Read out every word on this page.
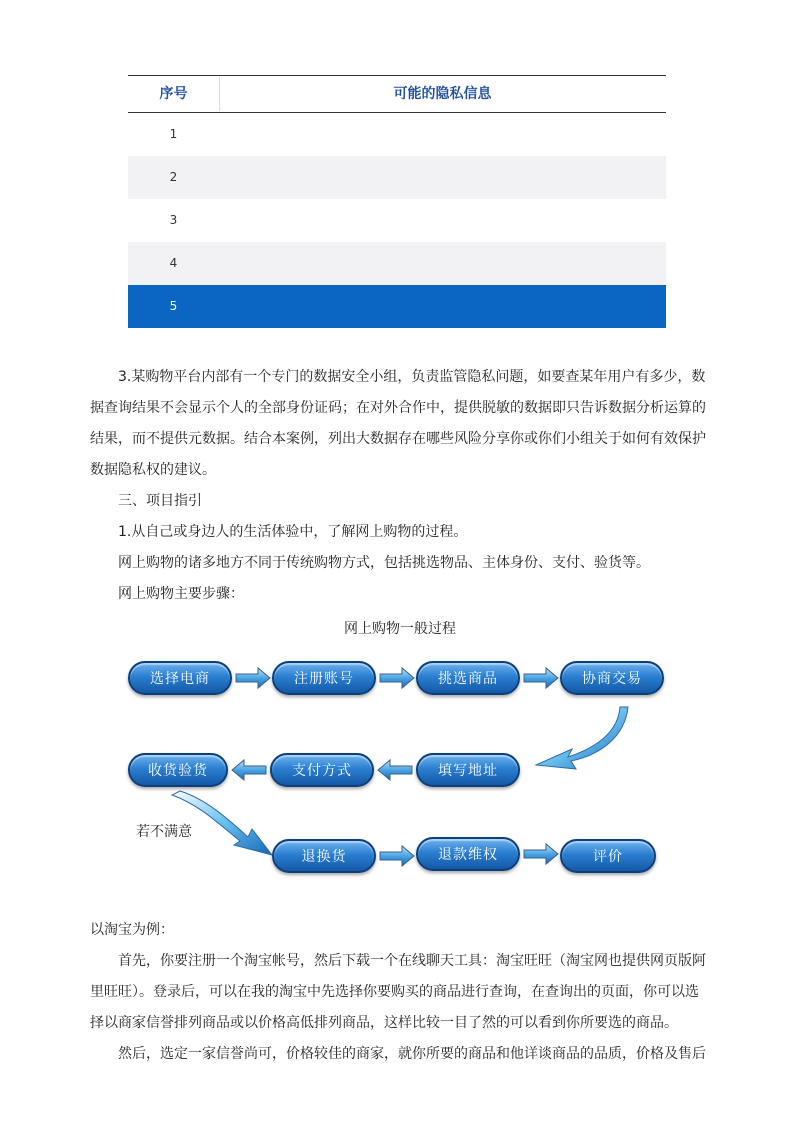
序号	可能的隐私信息
1
2
3
4
5
3.某购物平台内部有一个专门的数据安全小组，负责监管隐私问题，如要查某年用户有多少，数
据查询结果不会显示个人的全部身份证码；在对外合作中，提供脱敏的数据即只告诉数据分析运算的
结果，而不提供元数据。结合本案例，列出大数据存在哪些风险分享你或你们小组关于如何有效保护
数据隐私权的建议。
三、项目指引
1.从自己或身边人的生活体验中，了解网上购物的过程。
网上购物的诸多地方不同于传统购物方式，包括挑选物品、主体身份、支付、验货等。
网上购物主要步骤：
网上购物一般过程
选择电商	注册账号	挑选商品	协商交易
收货验货	支付方式	填写地址
若不满意
退换货	退款维权	评价
以淘宝为例：
首先，你要注册一个淘宝帐号，然后下载一个在线聊天工具：淘宝旺旺（淘宝网也提供网页版阿
里旺旺）。登录后，可以在我的淘宝中先选择你要购买的商品进行查询，在查询出的页面，你可以选
择以商家信誉排列商品或以价格高低排列商品，这样比较一目了然的可以看到你所要选的商品。
然后，选定一家信誉尚可，价格较佳的商家，就你所要的商品和他详谈商品的品质，价格及售后
